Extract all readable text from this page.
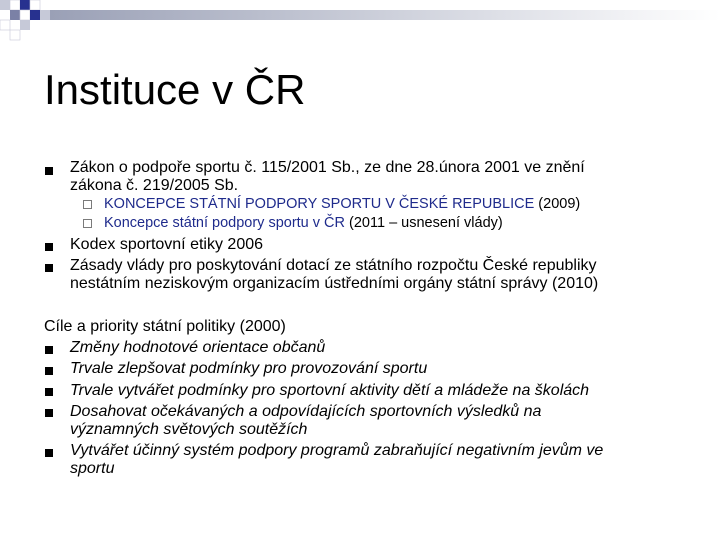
Instituce v ČR
Zákon o podpoře sportu č. 115/2001 Sb., ze dne 28.února 2001 ve znění
zákona č. 219/2005 Sb.
KONCEPCE STÁTNÍ PODPORY SPORTU V ČESKÉ REPUBLICE (2009)
Koncepce státní podpory sportu v ČR (2011 – usnesení vlády)
Kodex sportovní etiky 2006
Zásady vlády pro poskytování dotací ze státního rozpočtu České republiky
nestátním neziskovým organizacím ústředními orgány státní správy (2010)
Cíle a priority státní politiky (2000)
Změny hodnotové orientace občanů
Trvale zlepšovat podmínky pro provozování sportu
Trvale vytvářet podmínky pro sportovní aktivity dětí a mládeže na školách
Dosahovat očekávaných a odpovídajících sportovních výsledků na
významných světových soutěžích
Vytvářet účinný systém podpory programů zabraňující negativním jevům ve
sportu
